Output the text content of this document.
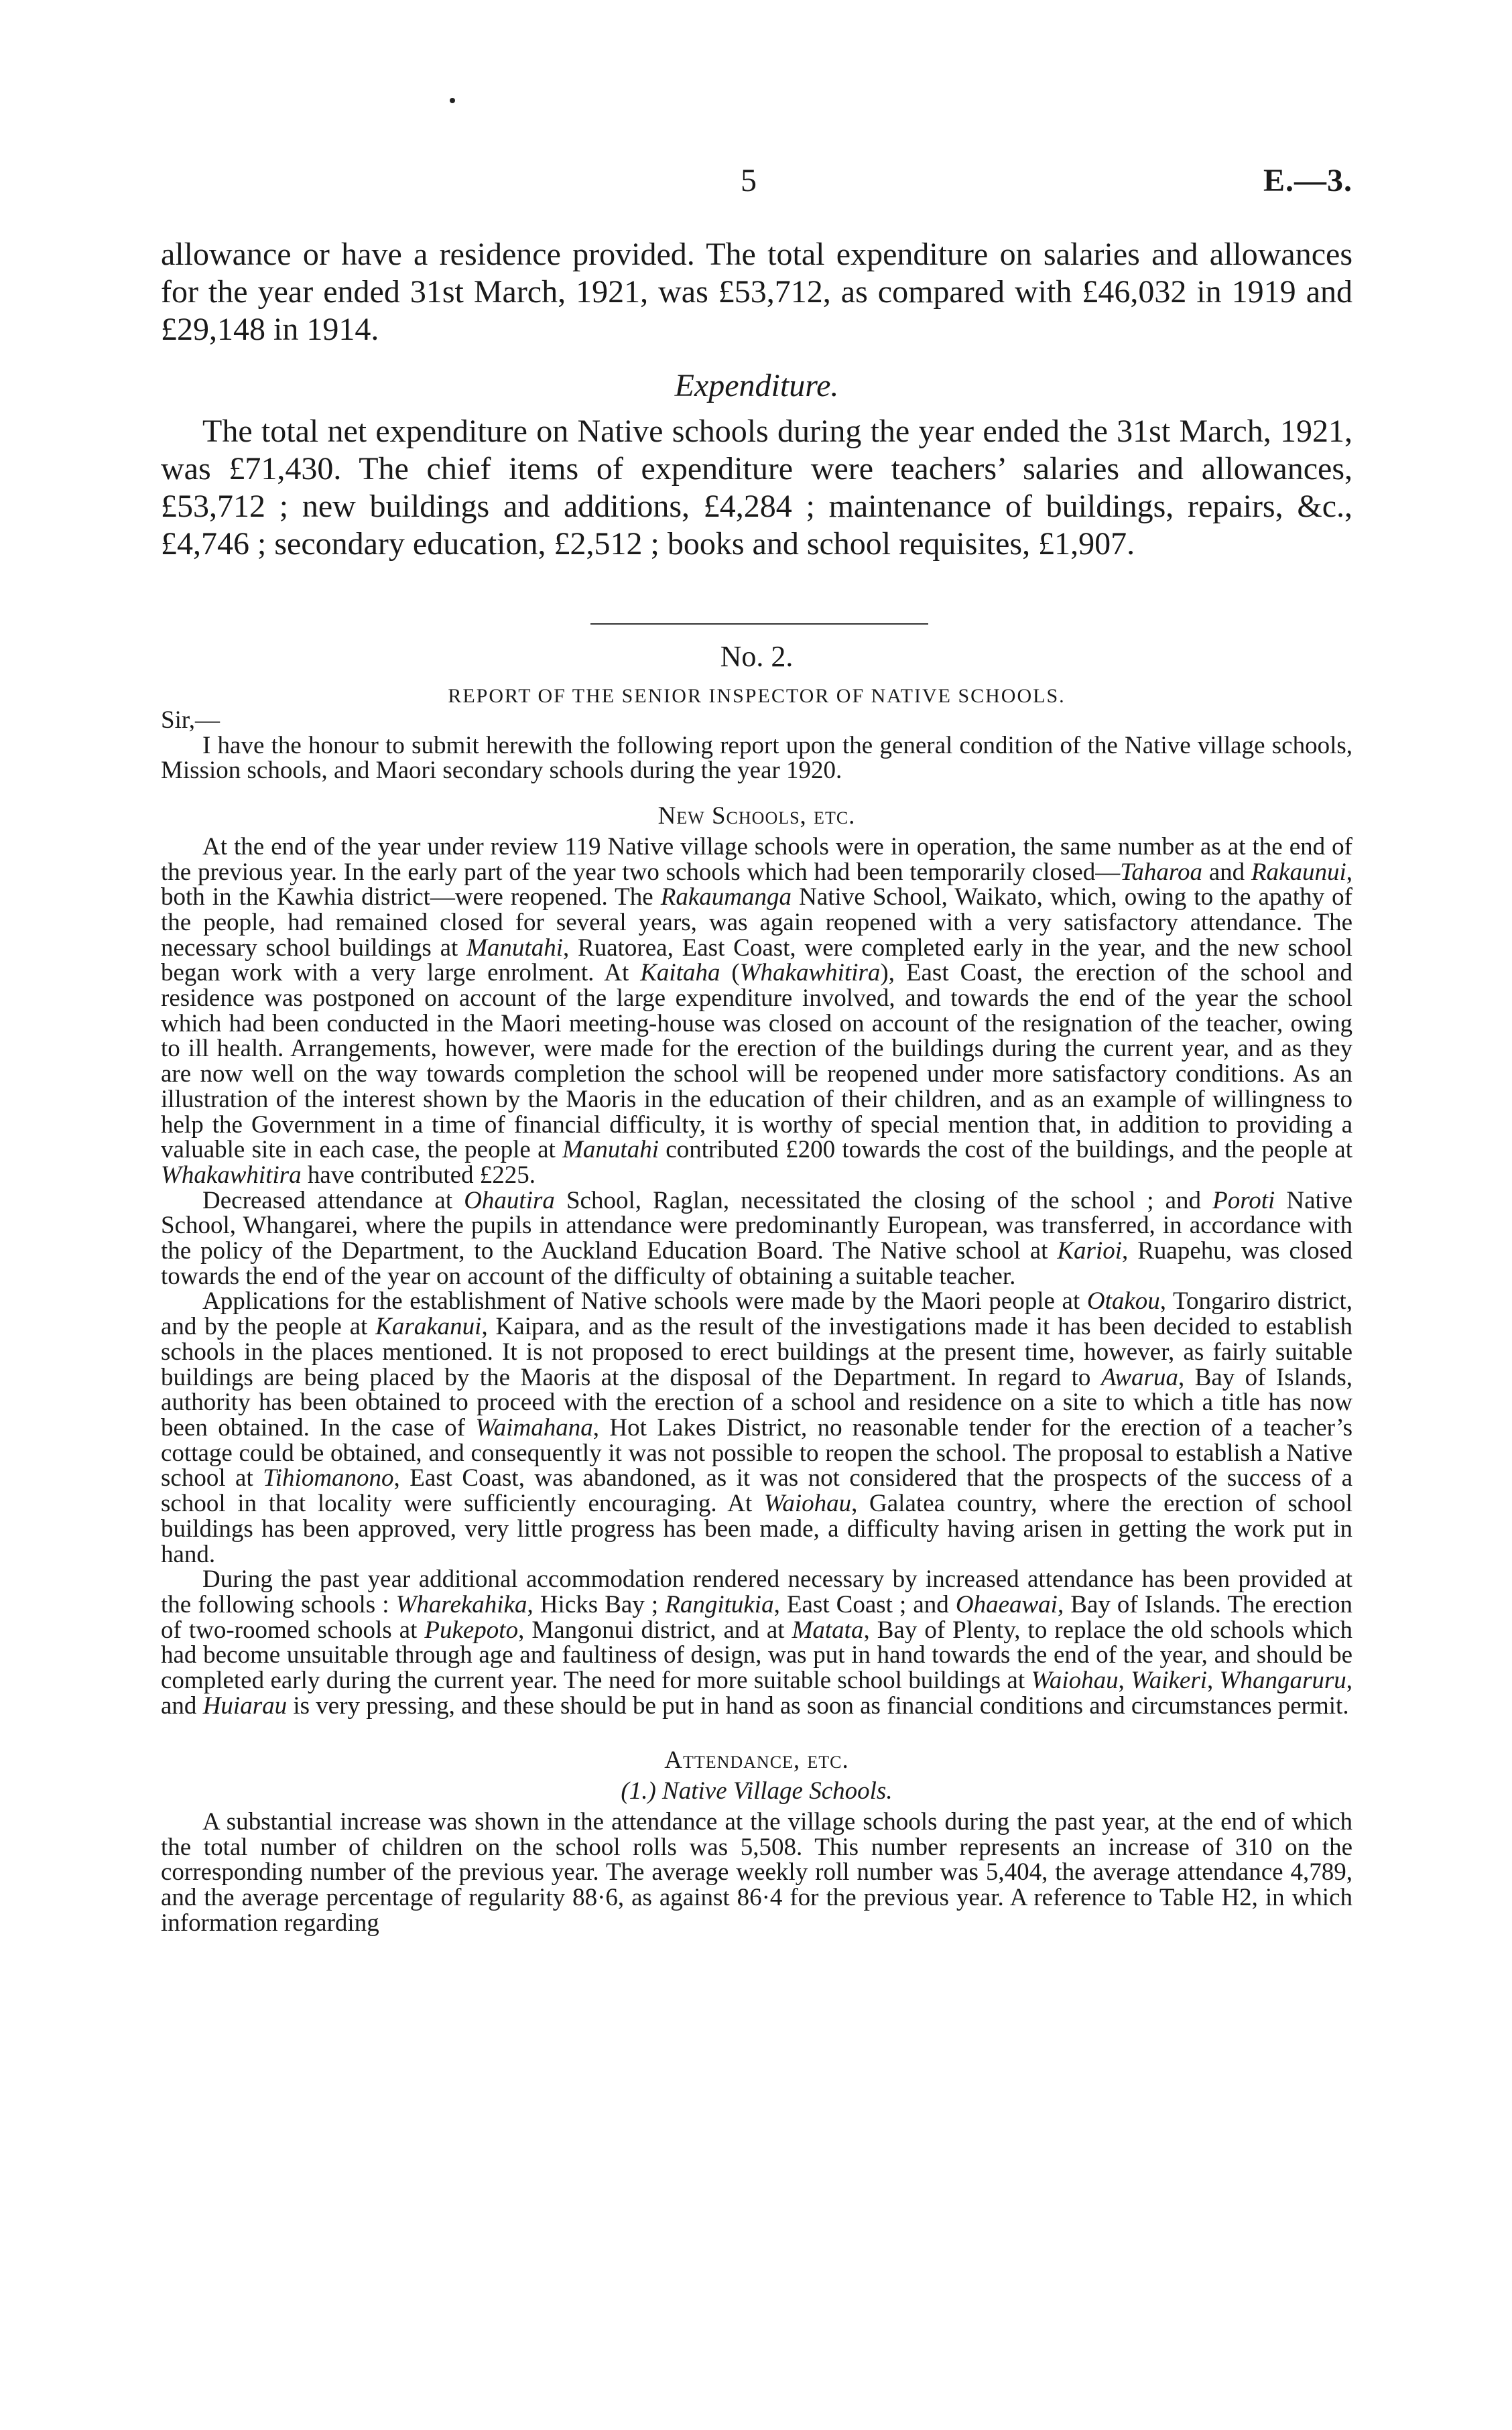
5	E.—3.

allowance or have a residence provided. The total expenditure on salaries and allowances for the year ended 31st March, 1921, was £53,712, as compared with £46,032 in 1919 and £29,148 in 1914.

Expenditure.

The total net expenditure on Native schools during the year ended the 31st March, 1921, was £71,430. The chief items of expenditure were teachers’ salaries and allowances, £53,712 ; new buildings and additions, £4,284 ; maintenance of buildings, repairs, &c., £4,746 ; secondary education, £2,512 ; books and school requisites, £1,907.

No. 2.

REPORT OF THE SENIOR INSPECTOR OF NATIVE SCHOOLS.

Sir,—

I have the honour to submit herewith the following report upon the general condition of the Native village schools, Mission schools, and Maori secondary schools during the year 1920.

New Schools, etc.

At the end of the year under review 119 Native village schools were in operation, the same number as at the end of the previous year. In the early part of the year two schools which had been temporarily closed—Taharoa and Rakaunui, both in the Kawhia district—were reopened. The Rakaumanga Native School, Waikato, which, owing to the apathy of the people, had remained closed for several years, was again reopened with a very satisfactory attendance. The necessary school buildings at Manutahi, Ruatorea, East Coast, were completed early in the year, and the new school began work with a very large enrolment. At Kaitaha (Whakawhitira), East Coast, the erection of the school and residence was postponed on account of the large expenditure involved, and towards the end of the year the school which had been conducted in the Maori meeting-house was closed on account of the resignation of the teacher, owing to ill health. Arrangements, however, were made for the erection of the buildings during the current year, and as they are now well on the way towards completion the school will be reopened under more satisfactory conditions. As an illustration of the interest shown by the Maoris in the education of their children, and as an example of willingness to help the Government in a time of financial difficulty, it is worthy of special mention that, in addition to providing a valuable site in each case, the people at Manutahi contributed £200 towards the cost of the buildings, and the people at Whakawhitira have contributed £225.

Decreased attendance at Ohautira School, Raglan, necessitated the closing of the school ; and Poroti Native School, Whangarei, where the pupils in attendance were predominantly European, was transferred, in accordance with the policy of the Department, to the Auckland Education Board. The Native school at Karioi, Ruapehu, was closed towards the end of the year on account of the difficulty of obtaining a suitable teacher.

Applications for the establishment of Native schools were made by the Maori people at Otakou, Tongariro district, and by the people at Karakanui, Kaipara, and as the result of the investigations made it has been decided to establish schools in the places mentioned. It is not proposed to erect buildings at the present time, however, as fairly suitable buildings are being placed by the Maoris at the disposal of the Department. In regard to Awarua, Bay of Islands, authority has been obtained to proceed with the erection of a school and residence on a site to which a title has now been obtained. In the case of Waimahana, Hot Lakes District, no reasonable tender for the erection of a teacher’s cottage could be obtained, and consequently it was not possible to reopen the school. The proposal to establish a Native school at Tihiomanono, East Coast, was abandoned, as it was not considered that the prospects of the success of a school in that locality were sufficiently encouraging. At Waiohau, Galatea country, where the erection of school buildings has been approved, very little progress has been made, a difficulty having arisen in getting the work put in hand.

During the past year additional accommodation rendered necessary by increased attendance has been provided at the following schools : Wharekahika, Hicks Bay ; Rangitukia, East Coast ; and Ohaeawai, Bay of Islands. The erection of two-roomed schools at Pukepoto, Mangonui district, and at Matata, Bay of Plenty, to replace the old schools which had become unsuitable through age and faultiness of design, was put in hand towards the end of the year, and should be completed early during the current year. The need for more suitable school buildings at Waiohau, Waikeri, Whangaruru, and Huiarau is very pressing, and these should be put in hand as soon as financial conditions and circumstances permit.

Attendance, etc.

(1.) Native Village Schools.

A substantial increase was shown in the attendance at the village schools during the past year, at the end of which the total number of children on the school rolls was 5,508. This number represents an increase of 310 on the corresponding number of the previous year. The average weekly roll number was 5,404, the average attendance 4,789, and the average percentage of regularity 88·6, as against 86·4 for the previous year. A reference to Table H2, in which information regarding
